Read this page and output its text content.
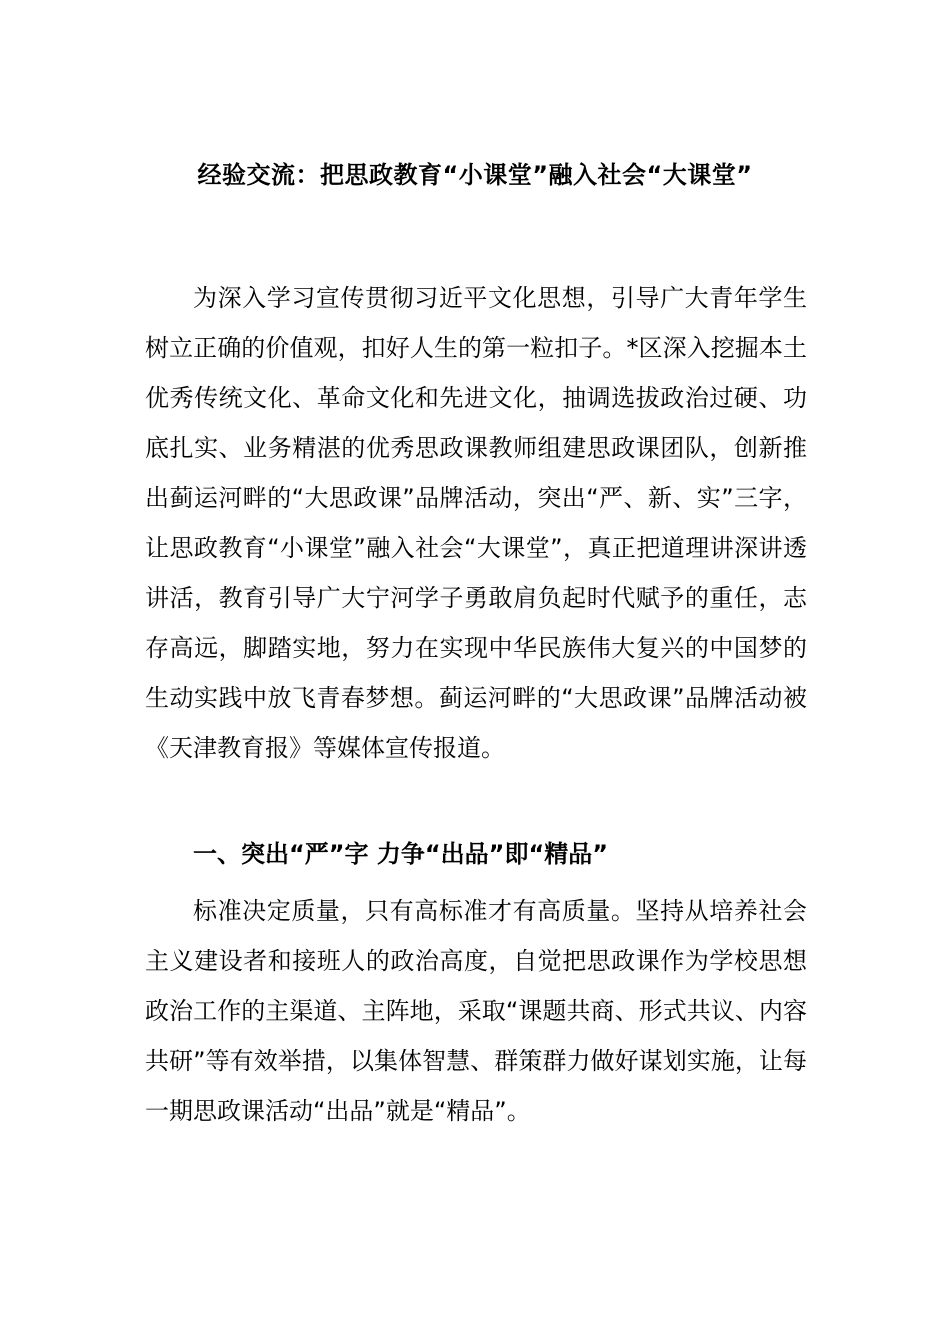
经验交流：把思政教育“小课堂”融入社会“大课堂”

为深入学习宣传贯彻习近平文化思想，引导广大青年学生树立正确的价值观，扣好人生的第一粒扣子。*区深入挖掘本土优秀传统文化、革命文化和先进文化，抽调选拔政治过硬、功底扎实、业务精湛的优秀思政课教师组建思政课团队，创新推出蓟运河畔的“大思政课”品牌活动，突出“严、新、实”三字，让思政教育“小课堂”融入社会“大课堂”，真正把道理讲深讲透讲活，教育引导广大宁河学子勇敢肩负起时代赋予的重任，志存高远，脚踏实地，努力在实现中华民族伟大复兴的中国梦的生动实践中放飞青春梦想。蓟运河畔的“大思政课”品牌活动被《天津教育报》等媒体宣传报道。

一、突出“严”字 力争“出品”即“精品”

标准决定质量，只有高标准才有高质量。坚持从培养社会主义建设者和接班人的政治高度，自觉把思政课作为学校思想政治工作的主渠道、主阵地，采取“课题共商、形式共议、内容共研”等有效举措，以集体智慧、群策群力做好谋划实施，让每一期思政课活动“出品”就是“精品”。
